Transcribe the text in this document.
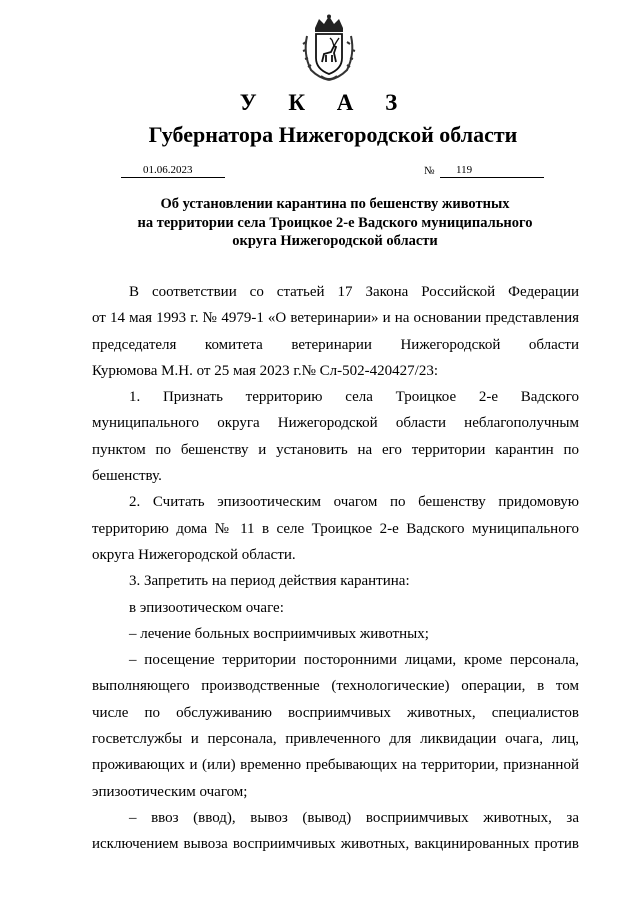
У К А З
Губернатора Нижегородской области
01.06.2023	№ 119
Об установлении карантина по бешенству животных
на территории села Троицкое 2-е Вадского муниципального
округа Нижегородской области

В соответствии со статьей 17 Закона Российской Федерации

от 14 мая 1993 г. № 4979-1 «О ветеринарии» и на основании представления

председателя комитета ветеринарии Нижегородской области

Курюмова М.Н. от 25 мая 2023 г.№ Сл-502-420427/23:

1. Признать территорию села Троицкое 2-е Вадского

муниципального округа Нижегородской области неблагополучным

пунктом по бешенству и установить на его территории карантин по

бешенству.

2. Считать эпизоотическим очагом по бешенству придомовую

территорию дома № 11 в селе Троицкое 2-е Вадского муниципального

округа Нижегородской области.

3. Запретить на период действия карантина:

в эпизоотическом очаге:

– лечение больных восприимчивых животных;

– посещение территории посторонними лицами, кроме персонала,

выполняющего производственные (технологические) операции, в том

числе по обслуживанию восприимчивых животных, специалистов

госветслужбы и персонала, привлеченного для ликвидации очага, лиц,

проживающих и (или) временно пребывающих на территории, признанной

эпизоотическим очагом;

– ввоз (ввод), вывоз (вывод) восприимчивых животных, за

исключением вывоза восприимчивых животных, вакцинированных против
